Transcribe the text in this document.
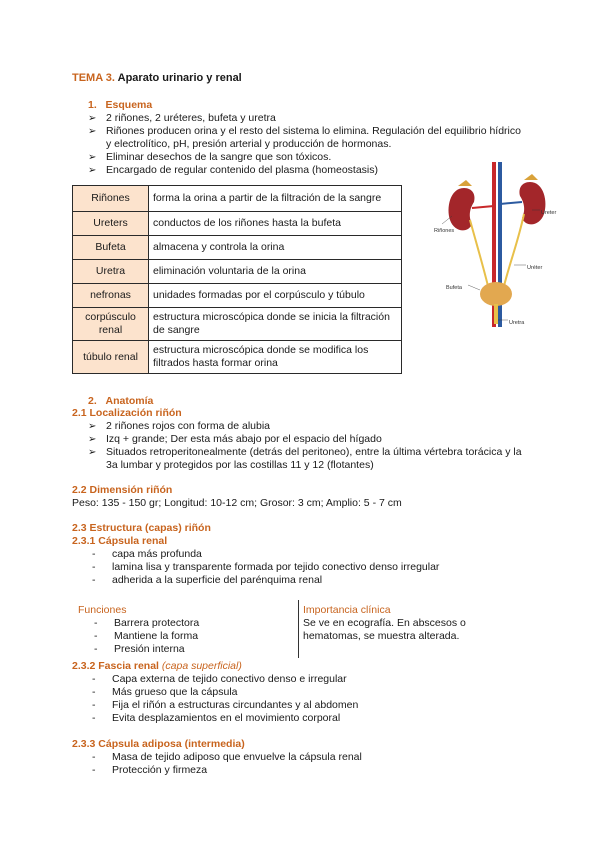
TEMA 3. Aparato urinario y renal
1. Esquema
➢ 2 riñones, 2 uréteres, bufeta y uretra
➢ Riñones producen orina y el resto del sistema lo elimina. Regulación del equilibrio hídrico y electrolítico, pH, presión arterial y producción de hormonas.
➢ Eliminar desechos de la sangre que son tóxicos.
➢ Encargado de regular contenido del plasma (homeostasis)
Riñones	forma la orina a partir de la filtración de la sangre
Ureters	conductos de los riñones hasta la bufeta
Bufeta	almacena y controla la orina
Uretra	eliminación voluntaria de la orina
nefronas	unidades formadas por el corpúsculo y túbulo
corpúsculo renal	estructura microscópica donde se inicia la filtración de sangre
túbulo renal	estructura microscópica donde se modifica los filtrados hasta formar orina
Riñones
Ureter
Uréter
Bufeta
Uretra
2. Anatomía
2.1 Localización riñón
➢ 2 riñones rojos con forma de alubia
➢ Izq + grande; Der esta más abajo por el espacio del hígado
➢ Situados retroperitonealmente (detrás del peritoneo), entre la última vértebra torácica y la 3a lumbar y protegidos por las costillas 11 y 12 (flotantes)
2.2 Dimensión riñón
Peso: 135 - 150 gr; Longitud: 10-12 cm; Grosor: 3 cm; Amplio: 5 - 7 cm
2.3 Estructura (capas) riñón
2.3.1 Cápsula renal
- capa más profunda
- lamina lisa y transparente formada por tejido conectivo denso irregular
- adherida a la superficie del parénquima renal
Funciones
- Barrera protectora
- Mantiene la forma
- Presión interna
Importancia clínica
Se ve en ecografía. En abscesos o hematomas, se muestra alterada.
2.3.2 Fascia renal (capa superficial)
- Capa externa de tejido conectivo denso e irregular
- Más grueso que la cápsula
- Fija el riñón a estructuras circundantes y al abdomen
- Evita desplazamientos en el movimiento corporal
2.3.3 Cápsula adiposa (intermedia)
- Masa de tejido adiposo que envuelve la cápsula renal
- Protección y firmeza
